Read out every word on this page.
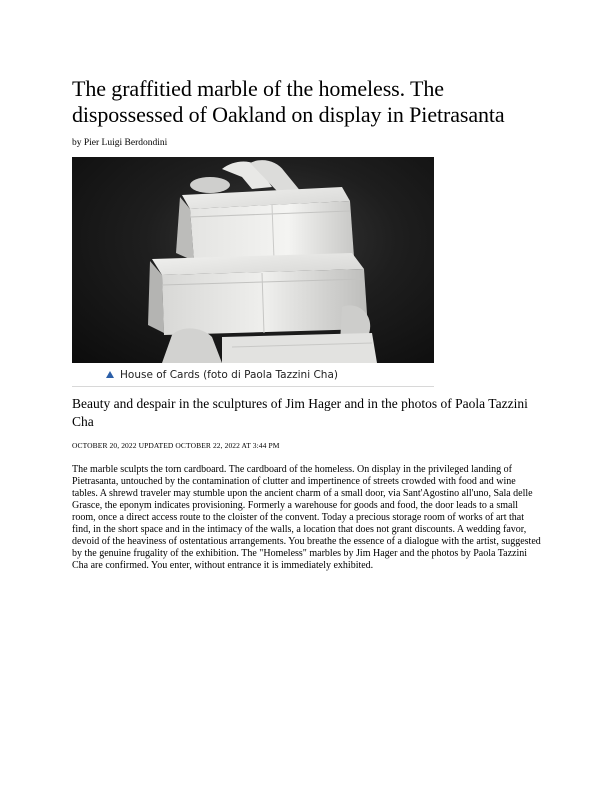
The graffitied marble of the homeless. The dispossessed of Oakland on display in Pietrasanta

by Pier Luigi Berdondini

House of Cards (foto di Paola Tazzini Cha)
Beauty and despair in the sculptures of Jim Hager and in the photos of Paola Tazzini Cha

OCTOBER 20, 2022 UPDATED OCTOBER 22, 2022 AT 3:44 PM

The marble sculpts the torn cardboard. The cardboard of the homeless. On display in the privileged landing of Pietrasanta, untouched by the contamination of clutter and impertinence of streets crowded with food and wine tables. A shrewd traveler may stumble upon the ancient charm of a small door, via Sant'Agostino all'uno, Sala delle Grasce, the eponym indicates provisioning. Formerly a warehouse for goods and food, the door leads to a small room, once a direct access route to the cloister of the convent. Today a precious storage room of works of art that find, in the short space and in the intimacy of the walls, a location that does not grant discounts. A wedding favor, devoid of the heaviness of ostentatious arrangements. You breathe the essence of a dialogue with the artist, suggested by the genuine frugality of the exhibition. The "Homeless" marbles by Jim Hager and the photos by Paola Tazzini Cha are confirmed. You enter, without entrance it is immediately exhibited.
